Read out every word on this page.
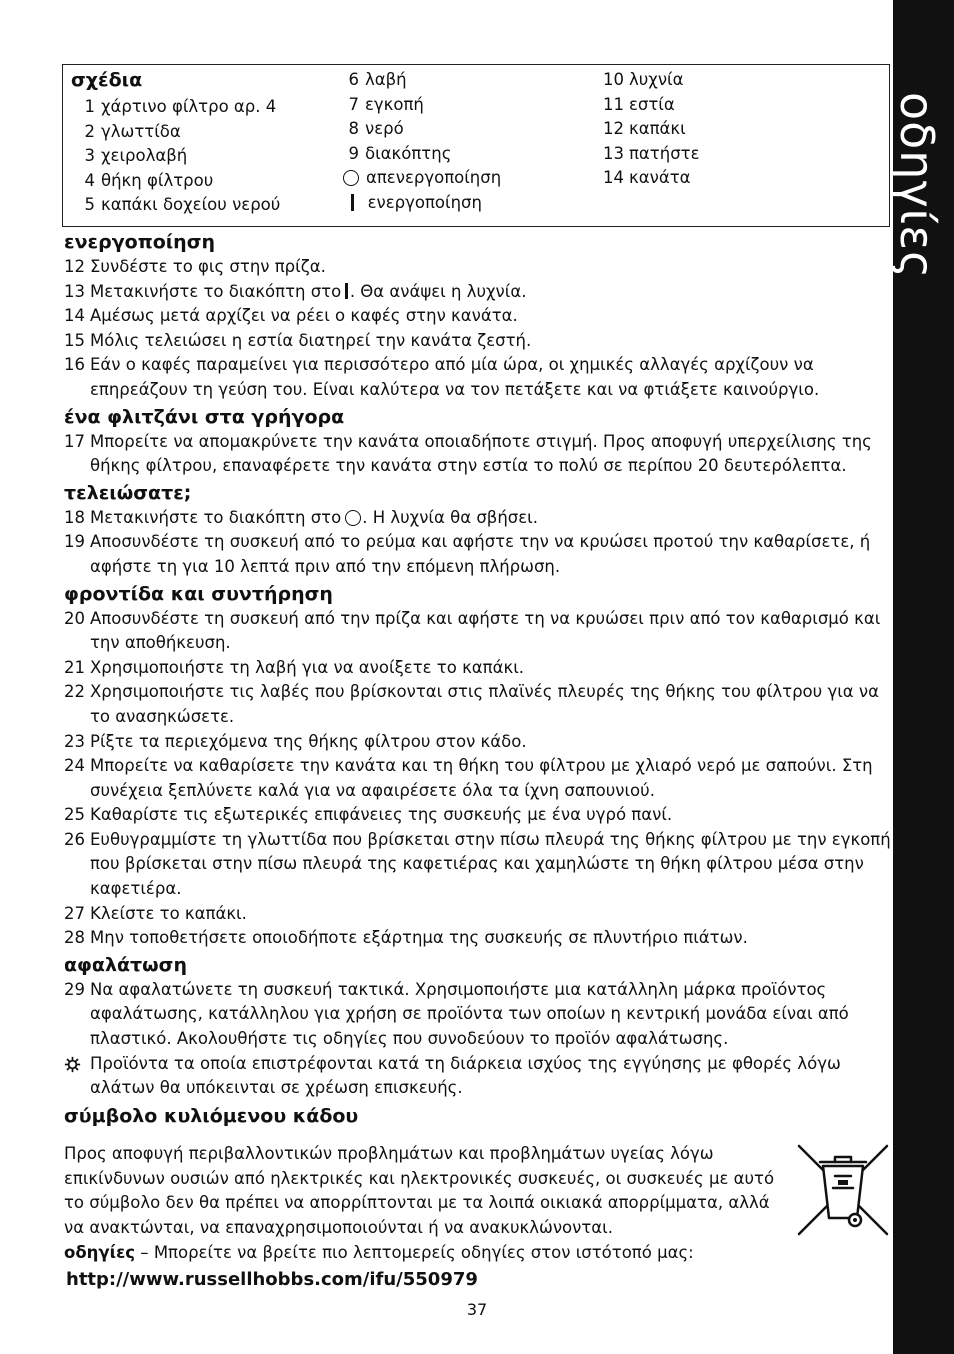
οδηγίες
σχέδια
1 χάρτινο φίλτρο αρ. 4
2 γλωττίδα
3 χειρολαβή
4 θήκη φίλτρου
5 καπάκι δοχείου νερού
6 λαβή
7 εγκοπή
8 νερό
9 διακόπτης
απενεργοποίηση
ενεργοποίηση
10 λυχνία
11 εστία
12 καπάκι
13 πατήστε
14 κανάτα
ενεργοποίηση
12 Συνδέστε το φις στην πρίζα.
13 Μετακινήστε το διακόπτη στο . Θα ανάψει η λυχνία.
14 Αμέσως μετά αρχίζει να ρέει ο καφές στην κανάτα.
15 Μόλις τελειώσει η εστία διατηρεί την κανάτα ζεστή.
16 Εάν ο καφές παραμείνει για περισσότερο από μία ώρα, οι χημικές αλλαγές αρχίζουν να επηρεάζουν τη γεύση του. Είναι καλύτερα να τον πετάξετε και να φτιάξετε καινούργιο.
ένα φλιτζάνι στα γρήγορα
17 Μπορείτε να απομακρύνετε την κανάτα οποιαδήποτε στιγμή. Προς αποφυγή υπερχείλισης της θήκης φίλτρου, επαναφέρετε την κανάτα στην εστία το πολύ σε περίπου 20 δευτερόλεπτα.
τελειώσατε;
18 Μετακινήστε το διακόπτη στο . Η λυχνία θα σβήσει.
19 Αποσυνδέστε τη συσκευή από το ρεύμα και αφήστε την να κρυώσει προτού την καθαρίσετε, ή αφήστε τη για 10 λεπτά πριν από την επόμενη πλήρωση.
φροντίδα και συντήρηση
20 Αποσυνδέστε τη συσκευή από την πρίζα και αφήστε τη να κρυώσει πριν από τον καθαρισμό και την αποθήκευση.
21 Χρησιμοποιήστε τη λαβή για να ανοίξετε το καπάκι.
22 Χρησιμοποιήστε τις λαβές που βρίσκονται στις πλαϊνές πλευρές της θήκης του φίλτρου για να το ανασηκώσετε.
23 Ρίξτε τα περιεχόμενα της θήκης φίλτρου στον κάδο.
24 Μπορείτε να καθαρίσετε την κανάτα και τη θήκη του φίλτρου με χλιαρό νερό με σαπούνι. Στη συνέχεια ξεπλύνετε καλά για να αφαιρέσετε όλα τα ίχνη σαπουνιού.
25 Καθαρίστε τις εξωτερικές επιφάνειες της συσκευής με ένα υγρό πανί.
26 Ευθυγραμμίστε τη γλωττίδα που βρίσκεται στην πίσω πλευρά της θήκης φίλτρου με την εγκοπή που βρίσκεται στην πίσω πλευρά της καφετιέρας και χαμηλώστε τη θήκη φίλτρου μέσα στην καφετιέρα.
27 Κλείστε το καπάκι.
28 Μην τοποθετήσετε οποιοδήποτε εξάρτημα της συσκευής σε πλυντήριο πιάτων.
αφαλάτωση
29 Να αφαλατώνετε τη συσκευή τακτικά. Χρησιμοποιήστε μια κατάλληλη μάρκα προϊόντος αφαλάτωσης, κατάλληλου για χρήση σε προϊόντα των οποίων η κεντρική μονάδα είναι από πλαστικό. Ακολουθήστε τις οδηγίες που συνοδεύουν το προϊόν αφαλάτωσης.
Προϊόντα τα οποία επιστρέφονται κατά τη διάρκεια ισχύος της εγγύησης με φθορές λόγω αλάτων θα υπόκεινται σε χρέωση επισκευής.
σύμβολο κυλιόμενου κάδου
Προς αποφυγή περιβαλλοντικών προβλημάτων και προβλημάτων υγείας λόγω επικίνδυνων ουσιών από ηλεκτρικές και ηλεκτρονικές συσκευές, οι συσκευές με αυτό το σύμβολο δεν θα πρέπει να απορρίπτονται με τα λοιπά οικιακά απορρίμματα, αλλά να ανακτώνται, να επαναχρησιμοποιούνται ή να ανακυκλώνονται.
οδηγίες – Μπορείτε να βρείτε πιο λεπτομερείς οδηγίες στον ιστότοπό μας:
http://www.russellhobbs.com/ifu/550979
37
